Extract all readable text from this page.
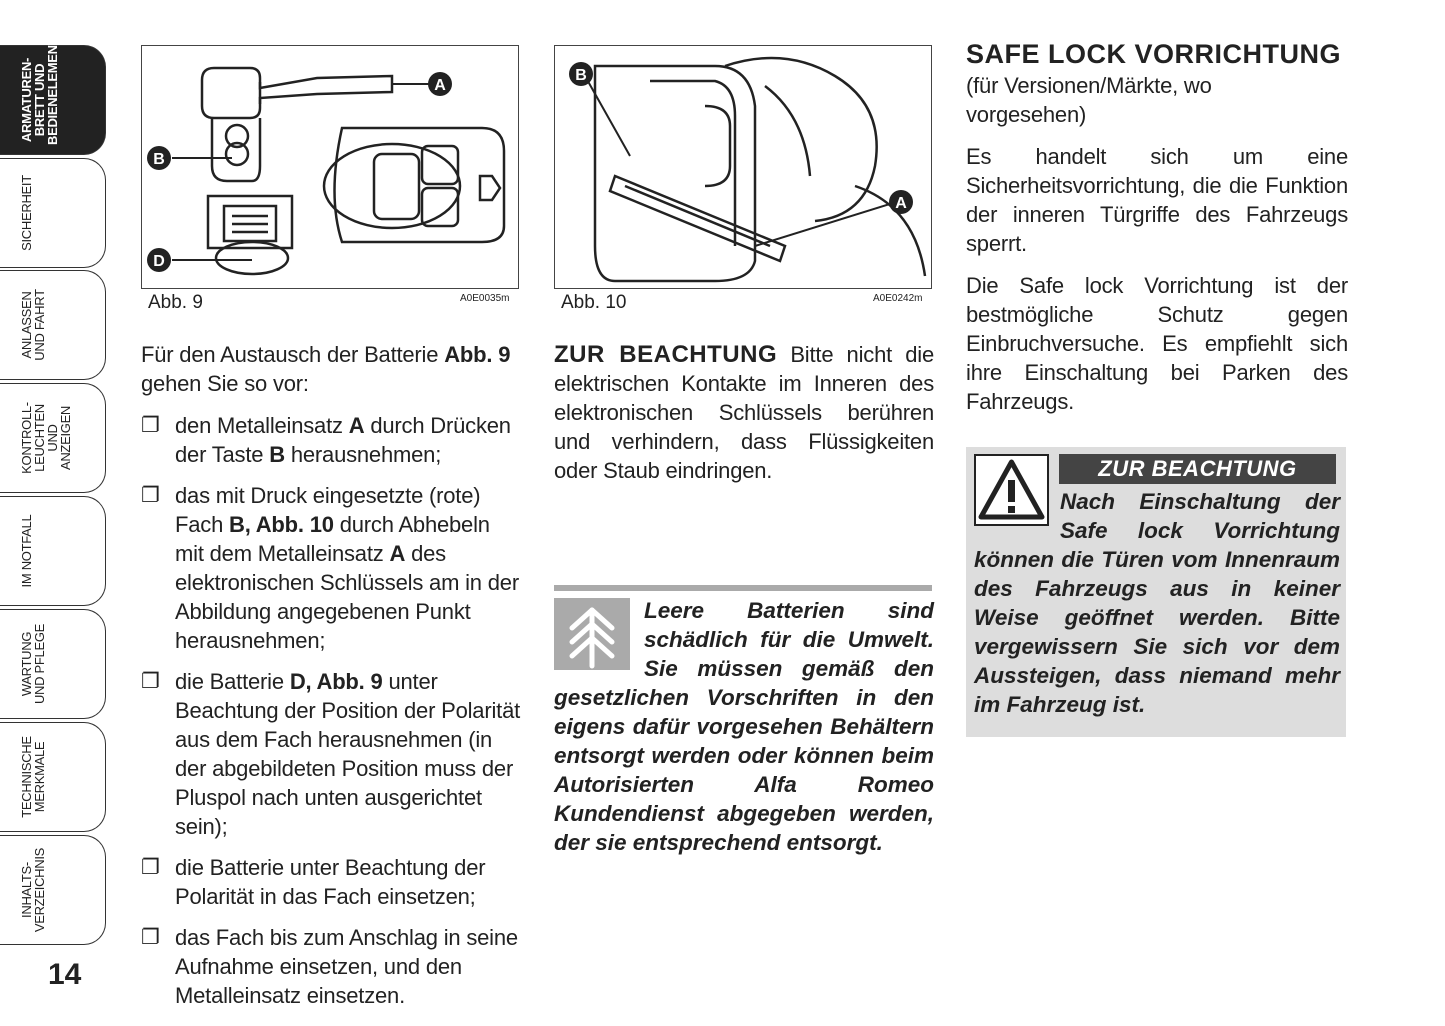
ARMATUREN-
BRETT UND
BEDIENELEMENTE
SICHERHEIT
ANLASSEN
UND FAHRT
KONTROLL-
LEUCHTEN
UND ANZEIGEN
IM NOTFALL
WARTUNG
UND PFLEGE
TECHNISCHE
MERKMALE
INHALTS-
VERZEICHNIS
14
A
B
D
Abb. 9	A0E0035m
B
A
Abb. 10	A0E0242m

Für den Austausch der Batterie Abb. 9 gehen Sie so vor:

❐ den Metalleinsatz A durch Drücken der Taste B herausnehmen;
❐ das mit Druck eingesetzte (rote) Fach B, Abb. 10 durch Abhebeln mit dem Metalleinsatz A des elektronischen Schlüssels am in der Abbildung angegebenen Punkt herausnehmen;
❐ die Batterie D, Abb. 9 unter Beachtung der Position der Polarität aus dem Fach herausnehmen (in der abgebildeten Position muss der Pluspol nach unten ausgerichtet sein);
❐ die Batterie unter Beachtung der Polarität in das Fach einsetzen;
❐ das Fach bis zum Anschlag in seine Aufnahme einsetzen, und den Metalleinsatz einsetzen.

ZUR BEACHTUNG Bitte nicht die elektrischen Kontakte im Inneren des elektronischen Schlüssels berühren und verhindern, dass Flüssigkeiten oder Staub eindringen.

Leere Batterien sind schädlich für die Umwelt. Sie müssen gemäß den gesetzlichen Vorschriften in den eigens dafür vorgesehen Behältern entsorgt werden oder können beim Autorisierten Alfa Romeo Kundendienst abgegeben werden, der sie entsprechend entsorgt.
SAFE LOCK VORRICHTUNG

(für Versionen/Märkte, wo vorgesehen)

Es handelt sich um eine Sicherheitsvorrichtung, die die Funktion der inneren Türgriffe des Fahrzeugs sperrt.

Die Safe lock Vorrichtung ist der bestmögliche Schutz gegen Einbruchversuche. Es empfiehlt sich ihre Einschaltung bei Parken des Fahrzeugs.

ZUR BEACHTUNG
Nach Einschaltung der Safe lock Vorrichtung können die Türen vom Innenraum des Fahrzeugs aus in keiner Weise geöffnet werden. Bitte vergewissern Sie sich vor dem Aussteigen, dass niemand mehr im Fahrzeug ist.
